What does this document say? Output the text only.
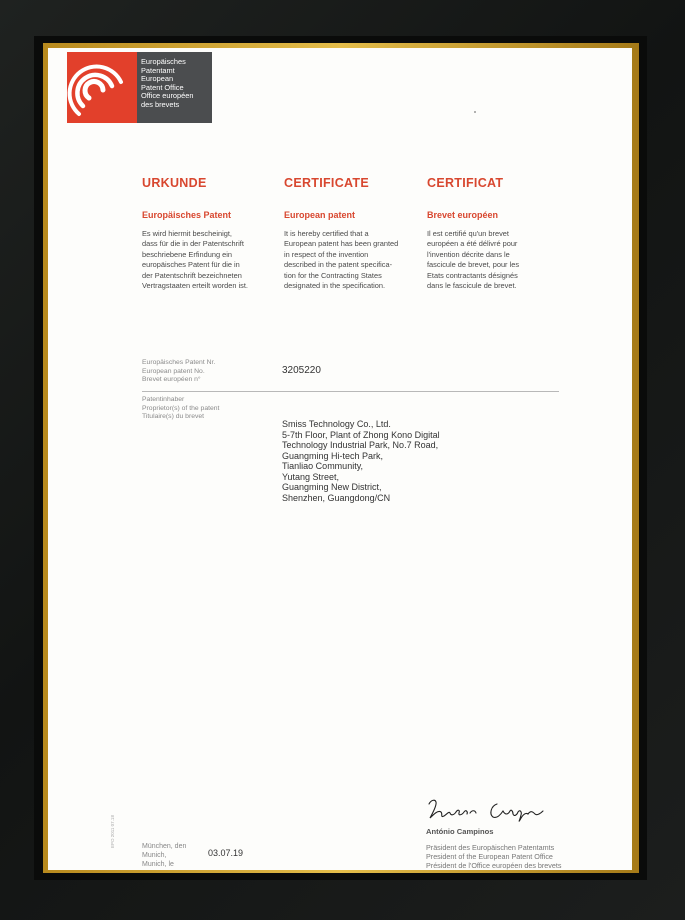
Europäisches
Patentamt
European
Patent Office
Office européen
des brevets
URKUNDE
Europäisches Patent

Es wird hiermit bescheinigt,
dass für die in der Patentschrift
beschriebene Erfindung ein
europäisches Patent für die in
der Patentschrift bezeichneten
Vertragstaaten erteilt worden ist.

CERTIFICATE
European patent

It is hereby certified that a
European patent has been granted
in respect of the invention
described in the patent specifica-
tion for the Contracting States
designated in the specification.

CERTIFICAT
Brevet européen

Il est certifié qu'un brevet
européen a été délivré pour
l'invention décrite dans le
fascicule de brevet, pour les
Etats contractants désignés
dans le fascicule de brevet.

Europäisches Patent Nr.
European patent No.
Brevet européen n°
3205220
Patentinhaber
Proprietor(s) of the patent
Titulaire(s) du brevet
Smiss Technology Co., Ltd.
5-7th Floor, Plant of Zhong Kono Digital
Technology Industrial Park, No.7 Road,
Guangming Hi-tech Park,
Tianliao Community,
Yutang Street,
Guangming New District,
Shenzhen, Guangdong/CN
EPO 2011 07.18	München, den
Munich,
Munich, le
03.07.19
António Campinos
Präsident des Europäischen Patentamts
President of the European Patent Office
Président de l'Office européen des brevets
